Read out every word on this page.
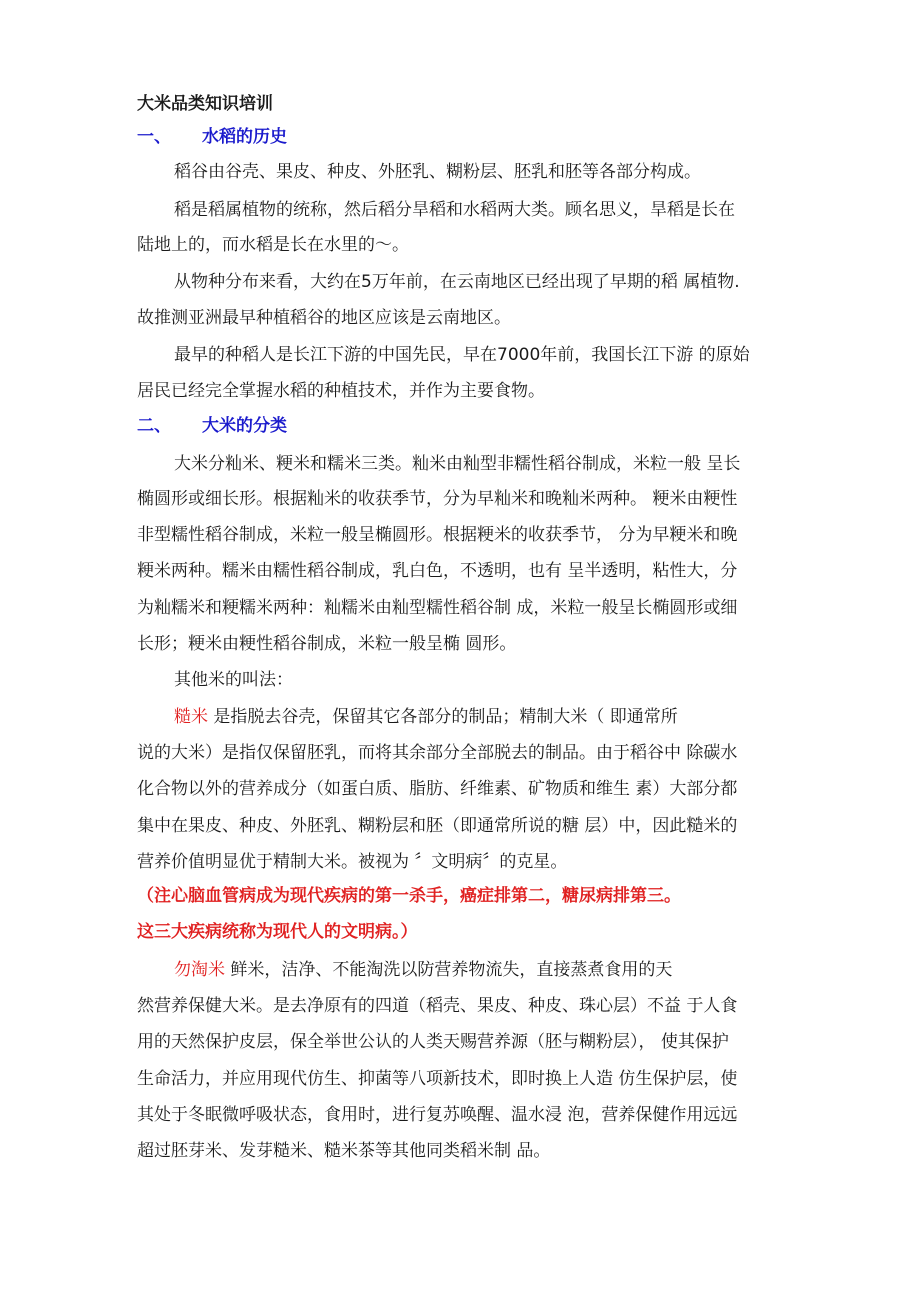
大米品类知识培训
一、 水稻的历史
稻谷由谷壳、果皮、种皮、外胚乳、糊粉层、胚乳和胚等各部分构成。
稻是稻属植物的统称，然后稻分旱稻和水稻两大类。顾名思义，旱稻是长在
陆地上的，而水稻是长在水里的～。
从物种分布来看，大约在5万年前，在云南地区已经出现了早期的稻 属植物.
故推测亚洲最早种植稻谷的地区应该是云南地区。
最早的种稻人是长江下游的中国先民，早在7000年前，我国长江下游 的原始
居民已经完全掌握水稻的种植技术，并作为主要食物。
二、 大米的分类
大米分籼米、粳米和糯米三类。籼米由籼型非糯性稻谷制成，米粒一般 呈长
椭圆形或细长形。根据籼米的收获季节，分为早籼米和晚籼米两种。 粳米由粳性
非型糯性稻谷制成，米粒一般呈椭圆形。根据粳米的收获季节， 分为早粳米和晚
粳米两种。糯米由糯性稻谷制成，乳白色，不透明，也有 呈半透明，粘性大，分
为籼糯米和粳糯米两种：籼糯米由籼型糯性稻谷制 成，米粒一般呈长椭圆形或细
长形；粳米由粳性稻谷制成，米粒一般呈椭 圆形。
其他米的叫法：
糙米 是指脱去谷壳，保留其它各部分的制品；精制大米（ 即通常所
说的大米）是指仅保留胚乳，而将其余部分全部脱去的制品。由于稻谷中 除碳水
化合物以外的营养成分（如蛋白质、脂肪、纤维素、矿物质和维生 素）大部分都
集中在果皮、种皮、外胚乳、糊粉层和胚（即通常所说的糖 层）中，因此糙米的
营养价值明显优于精制大米。被视为 〞文明病〞的克星。
（注心脑血管病成为现代疾病的第一杀手，癌症排第二，糖尿病排第三。
这三大疾病统称为现代人的文明病。）
勿淘米 鲜米，洁净、不能淘洗以防营养物流失，直接蒸煮食用的天
然营养保健大米。是去净原有的四道（稻壳、果皮、种皮、珠心层）不益 于人食
用的天然保护皮层，保全举世公认的人类天赐营养源（胚与糊粉层）， 使其保护
生命活力，并应用现代仿生、抑菌等八项新技术，即时换上人造 仿生保护层，使
其处于冬眠微呼吸状态，食用时，进行复苏唤醒、温水浸 泡，营养保健作用远远
超过胚芽米、发芽糙米、糙米茶等其他同类稻米制 品。
